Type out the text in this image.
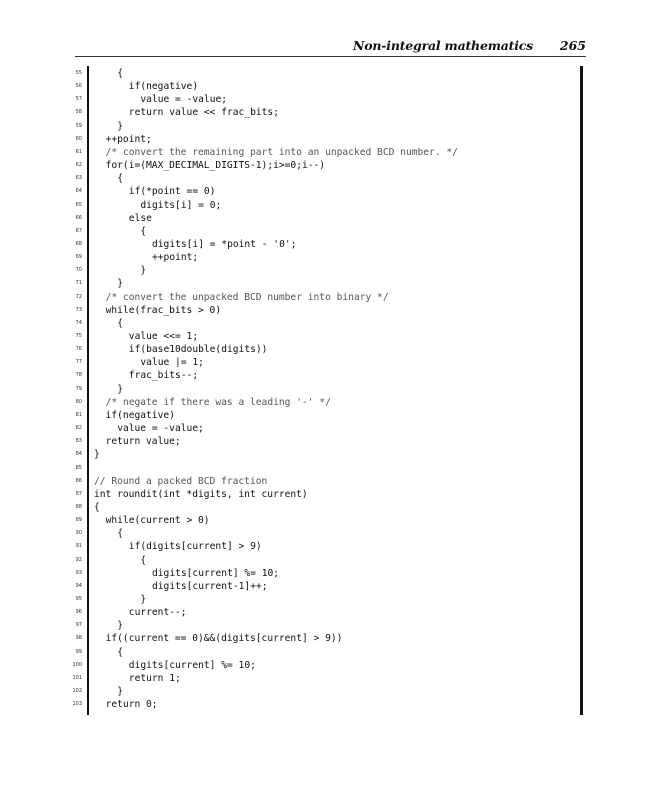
Non-integral mathematics 265
55	{
56	if(negative)
57	value = -value;
58	return value << frac_bits;
59	}
60 ++point;
61 /* convert the remaining part into an unpacked BCD number. */
62 for(i=(MAX_DECIMAL_DIGITS-1);i>=0;i--)
63	{
64	if(*point == 0)
65	digits[i] = 0;
66	else
67	{
68	digits[i] = *point - '0';
69	++point;
70	}
71	}
72 /* convert the unpacked BCD number into binary */
73 while(frac_bits > 0)
74	{
75	value <<= 1;
76	if(base10double(digits))
77	value |= 1;
78	frac_bits--;
79	}
80 /* negate if there was a leading '-' */
81 if(negative)
82	value = -value;
83 return value;
84 }
85
86 // Round a packed BCD fraction
87 int roundit(int *digits, int current)
88 {
89 while(current > 0)
90	{
91	if(digits[current] > 9)
92	{
93	digits[current] %= 10;
94	digits[current-1]++;
95	}
96	current--;
97	}
98 if((current == 0)&&(digits[current] > 9))
99	{
100	digits[current] %= 10;
101	return 1;
102	}
103 return 0;
